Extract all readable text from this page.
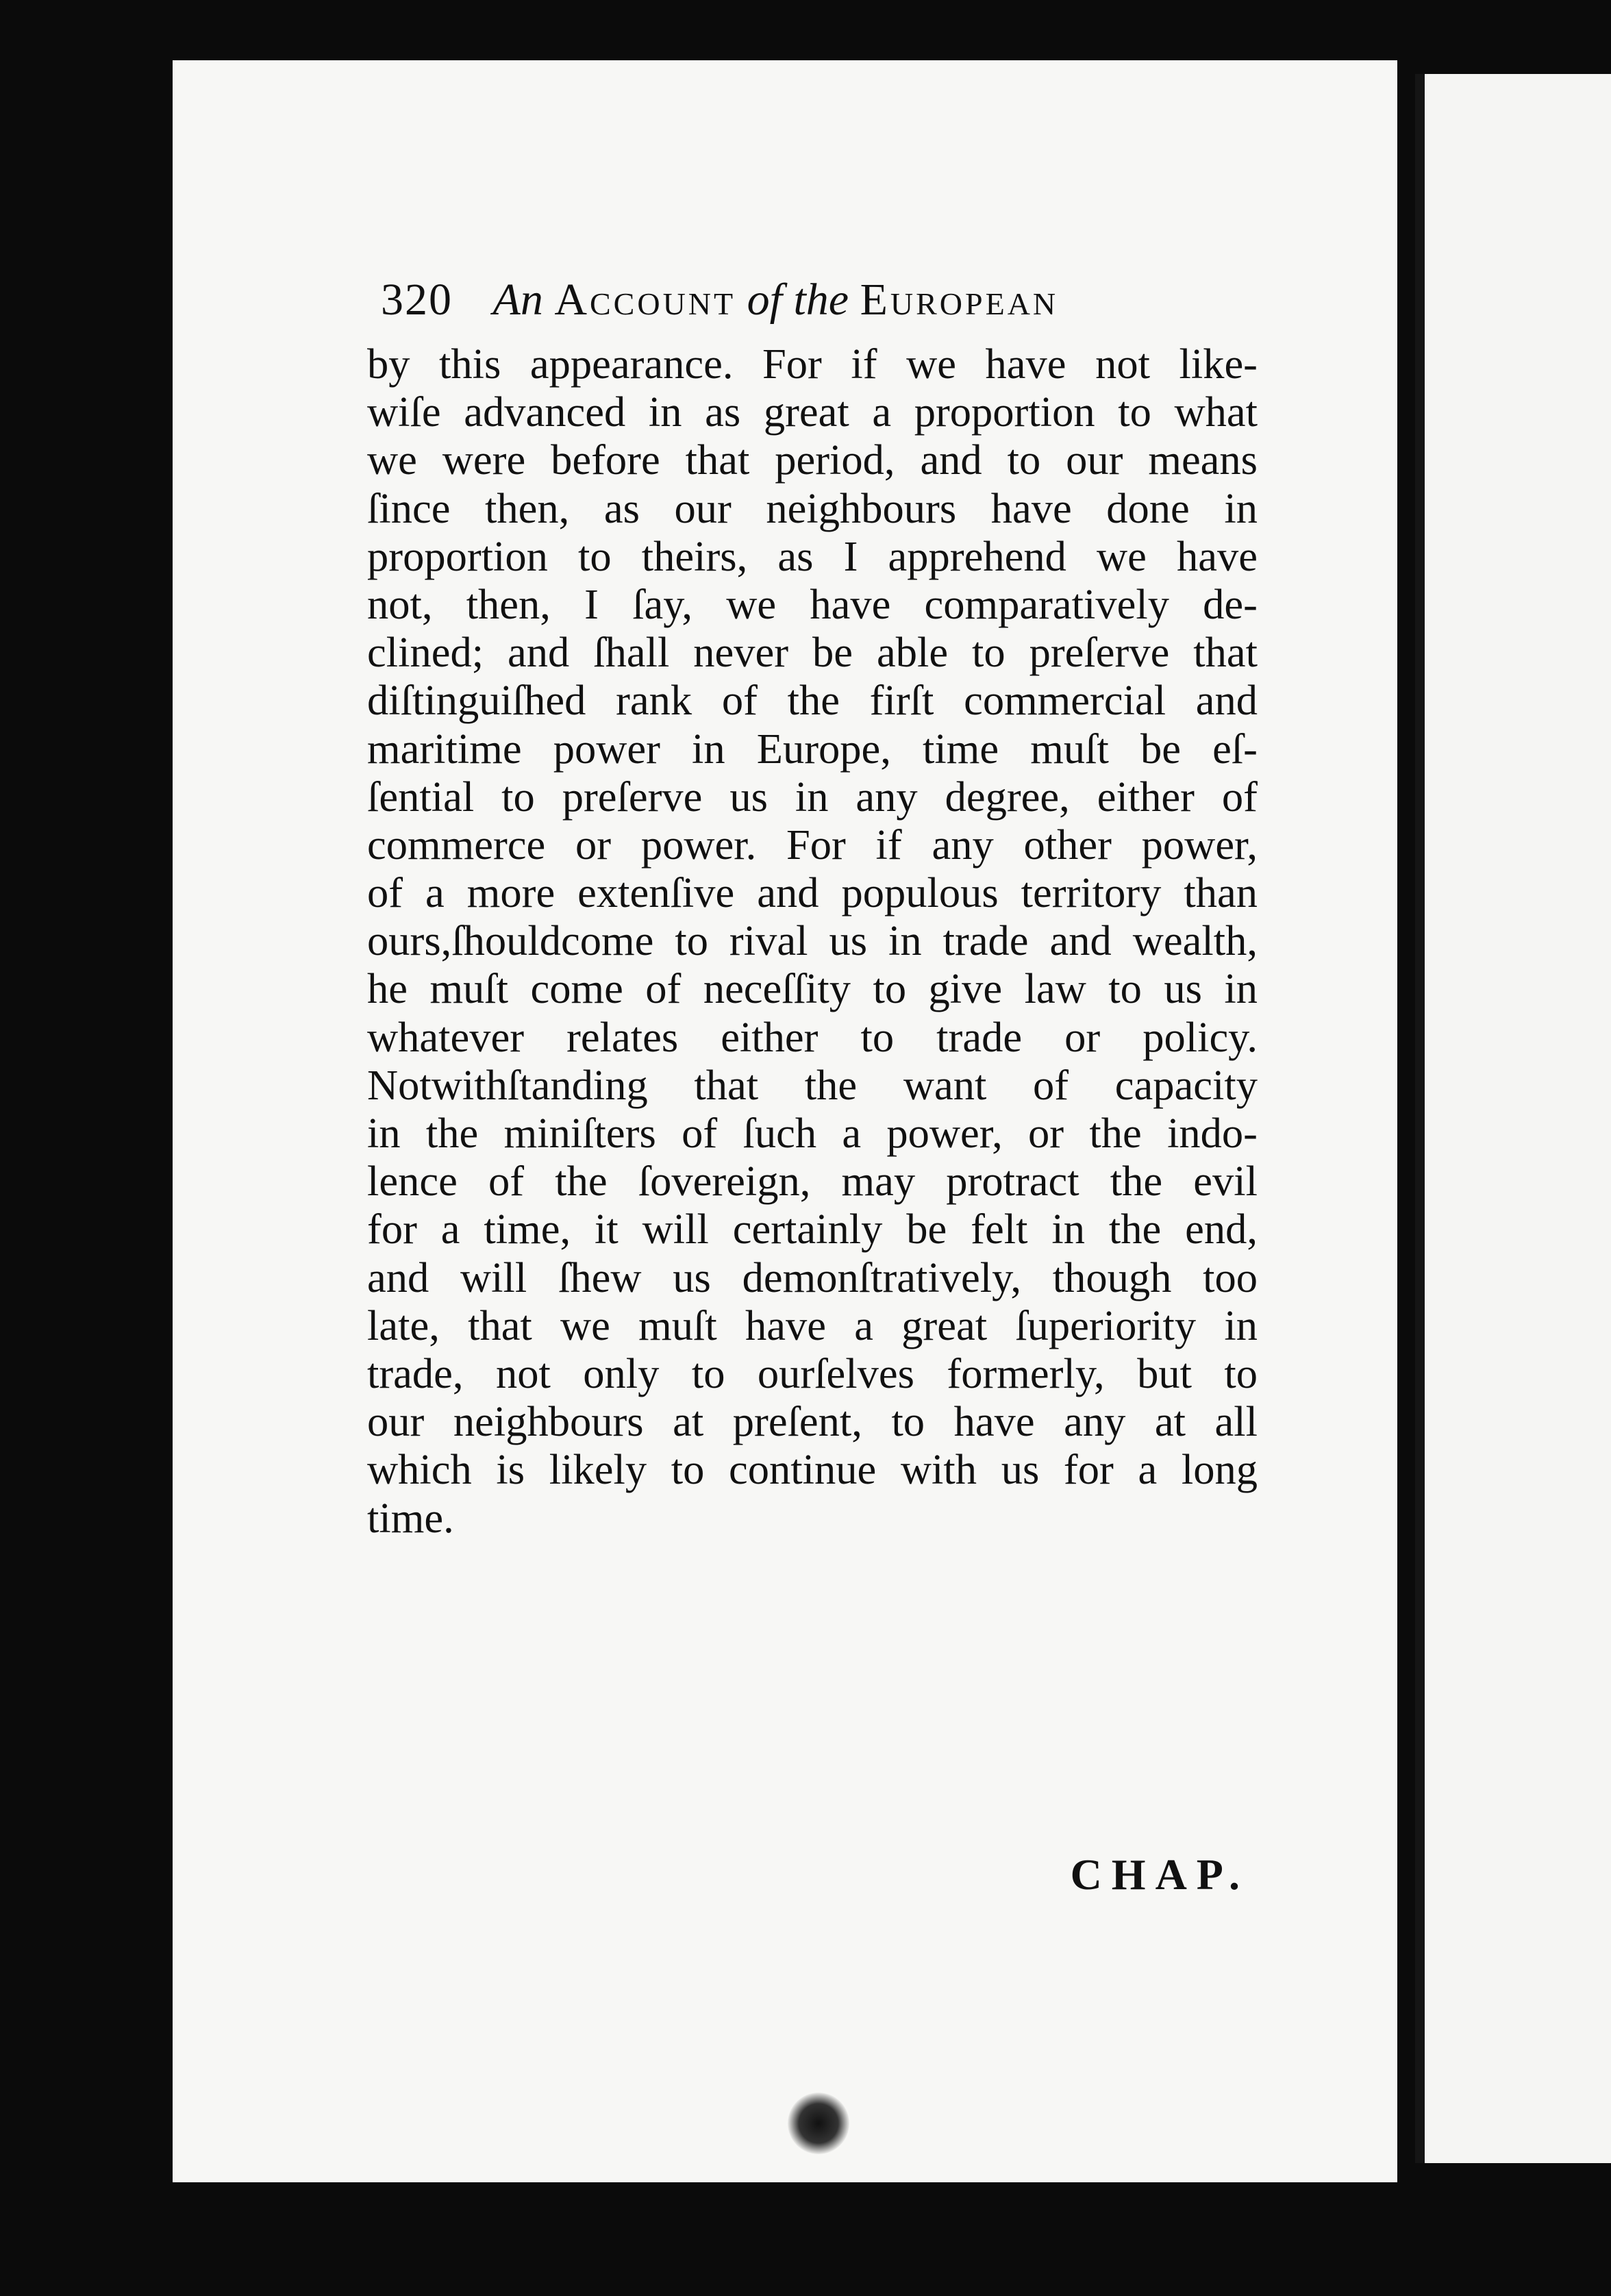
320 An Account of the European
by this appearance. For if we have not like-
wiſe advanced in as great a proportion to what
we were before that period, and to our means
ſince then, as our neighbours have done in
proportion to theirs, as I apprehend we have
not, then, I ſay, we have comparatively de-
clined; and ſhall never be able to preſerve that
diſtinguiſhed rank of the firſt commercial and
maritime power in Europe, time muſt be eſ-
ſential to preſerve us in any degree, either of
commerce or power. For if any other power,
of a more extenſive and populous territory than
ours,ſhouldcome to rival us in trade and wealth,
he muſt come of neceſſity to give law to us in
whatever relates either to trade or policy.
Notwithſtanding that the want of capacity
in the miniſters of ſuch a power, or the indo-
lence of the ſovereign, may protract the evil
for a time, it will certainly be felt in the end,
and will ſhew us demonſtratively, though too
late, that we muſt have a great ſuperiority in
trade, not only to ourſelves formerly, but to
our neighbours at preſent, to have any at all
which is likely to continue with us for a long
time.
CHAP.
